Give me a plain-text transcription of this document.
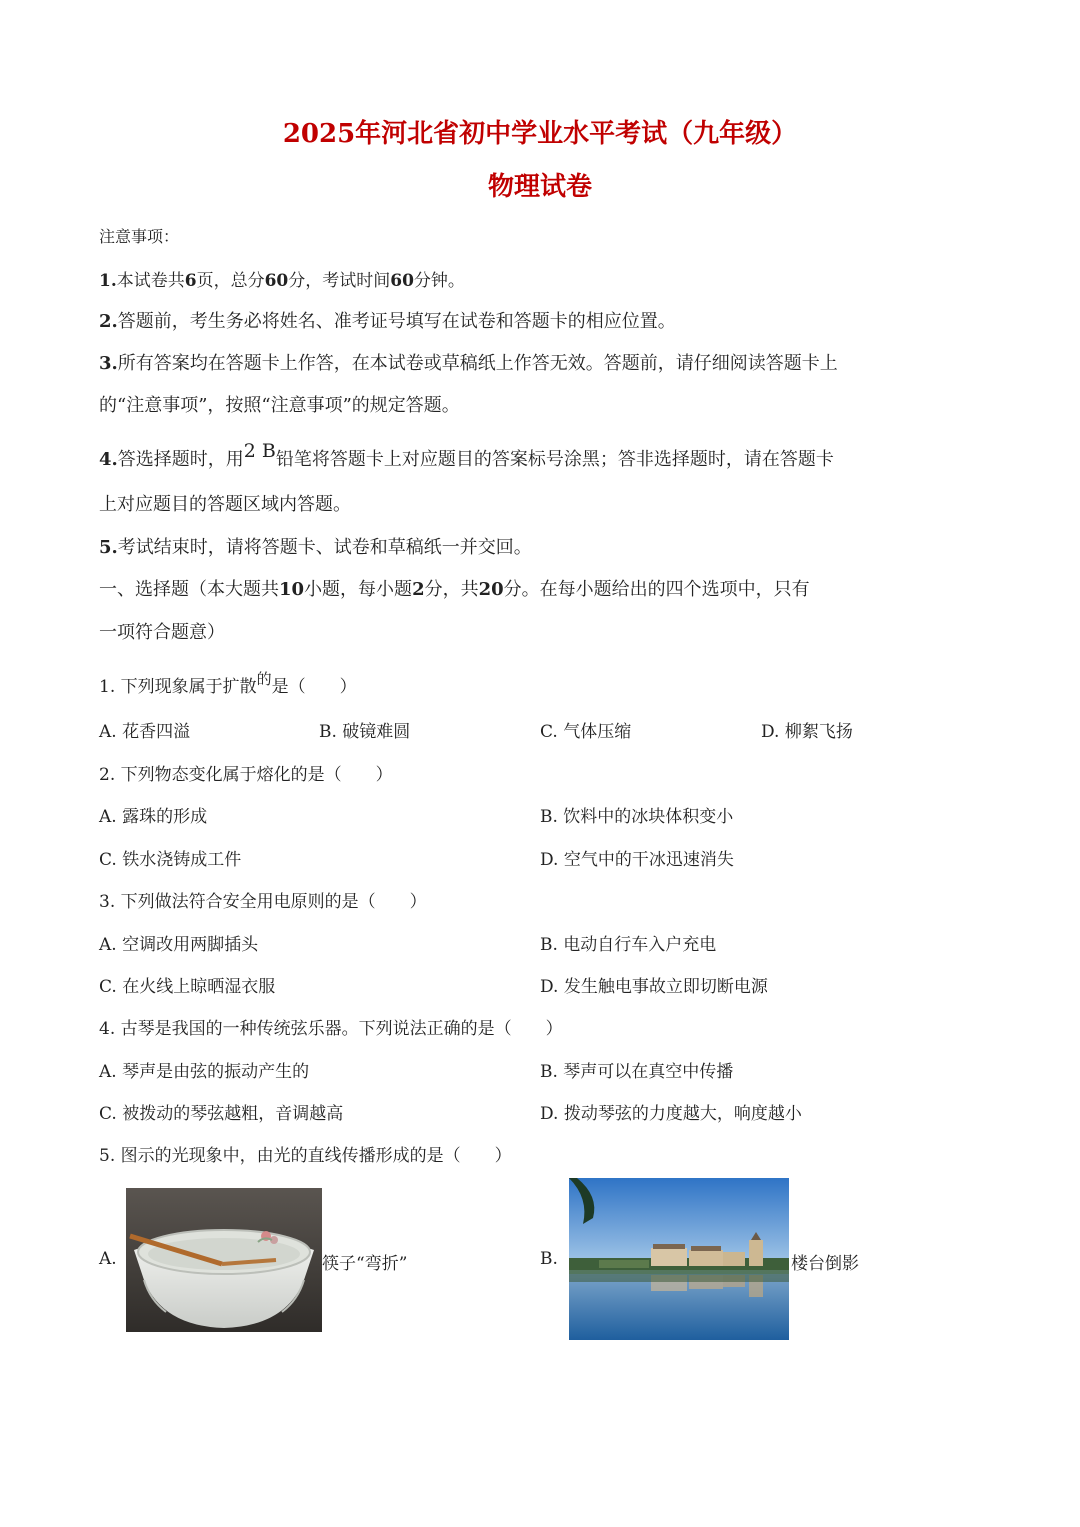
2025年河北省初中学业水平考试（九年级）
物理试卷
注意事项：
1.本试卷共6页，总分60分，考试时间60分钟。
2.答题前，考生务必将姓名、准考证号填写在试卷和答题卡的相应位置。
3.所有答案均在答题卡上作答，在本试卷或草稿纸上作答无效。答题前，请仔细阅读答题卡上
的“注意事项”，按照“注意事项”的规定答题。
4.答选择题时，用2 B铅笔将答题卡上对应题目的答案标号涂黑；答非选择题时，请在答题卡
上对应题目的答题区域内答题。
5.考试结束时，请将答题卡、试卷和草稿纸一并交回。
一、选择题（本大题共10小题，每小题2分，共20分。在每小题给出的四个选项中，只有
一项符合题意）
1. 下列现象属于扩散的是（　　）
A. 花香四溢	B. 破镜难圆	C. 气体压缩	D. 柳絮飞扬
2. 下列物态变化属于熔化的是（　　）
A. 露珠的形成	B. 饮料中的冰块体积变小
C. 铁水浇铸成工件	D. 空气中的干冰迅速消失
3. 下列做法符合安全用电原则的是（　　）
A. 空调改用两脚插头	B. 电动自行车入户充电
C. 在火线上晾晒湿衣服	D. 发生触电事故立即切断电源
4. 古琴是我国的一种传统弦乐器。下列说法正确的是（　　）
A. 琴声是由弦的振动产生的	B. 琴声可以在真空中传播
C. 被拨动的琴弦越粗，音调越高	D. 拨动琴弦的力度越大，响度越小
5. 图示的光现象中，由光的直线传播形成的是（　　）
A.	筷子“弯折”	B.	楼台倒影
